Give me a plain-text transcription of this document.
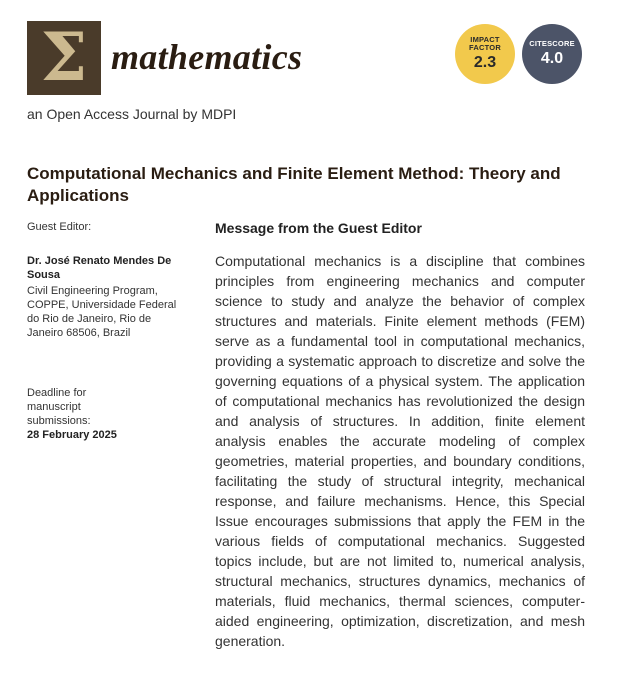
Σ mathematics
an Open Access Journal by MDPI
IMPACT
FACTOR
2.3
CITESCORE
4.0
Computational Mechanics and Finite Element Method: Theory and Applications
Guest Editor:
Dr. José Renato Mendes De Sousa
Civil Engineering Program, COPPE, Universidade Federal do Rio de Janeiro, Rio de Janeiro 68506, Brazil
Deadline for manuscript submissions:
28 February 2025
Message from the Guest Editor

Computational mechanics is a discipline that combines principles from engineering mechanics and computer science to study and analyze the behavior of complex structures and materials. Finite element methods (FEM) serve as a fundamental tool in computational mechanics, providing a systematic approach to discretize and solve the governing equations of a physical system. The application of computational mechanics has revolutionized the design and analysis of structures. In addition, finite element analysis enables the accurate modeling of complex geometries, material properties, and boundary conditions, facilitating the study of structural integrity, mechanical response, and failure mechanisms. Hence, this Special Issue encourages submissions that apply the FEM in the various fields of computational mechanics. Suggested topics include, but are not limited to, numerical analysis, structural mechanics, structures dynamics, mechanics of materials, fluid mechanics, thermal sciences, computer-aided engineering, optimization, discretization, and mesh generation.
